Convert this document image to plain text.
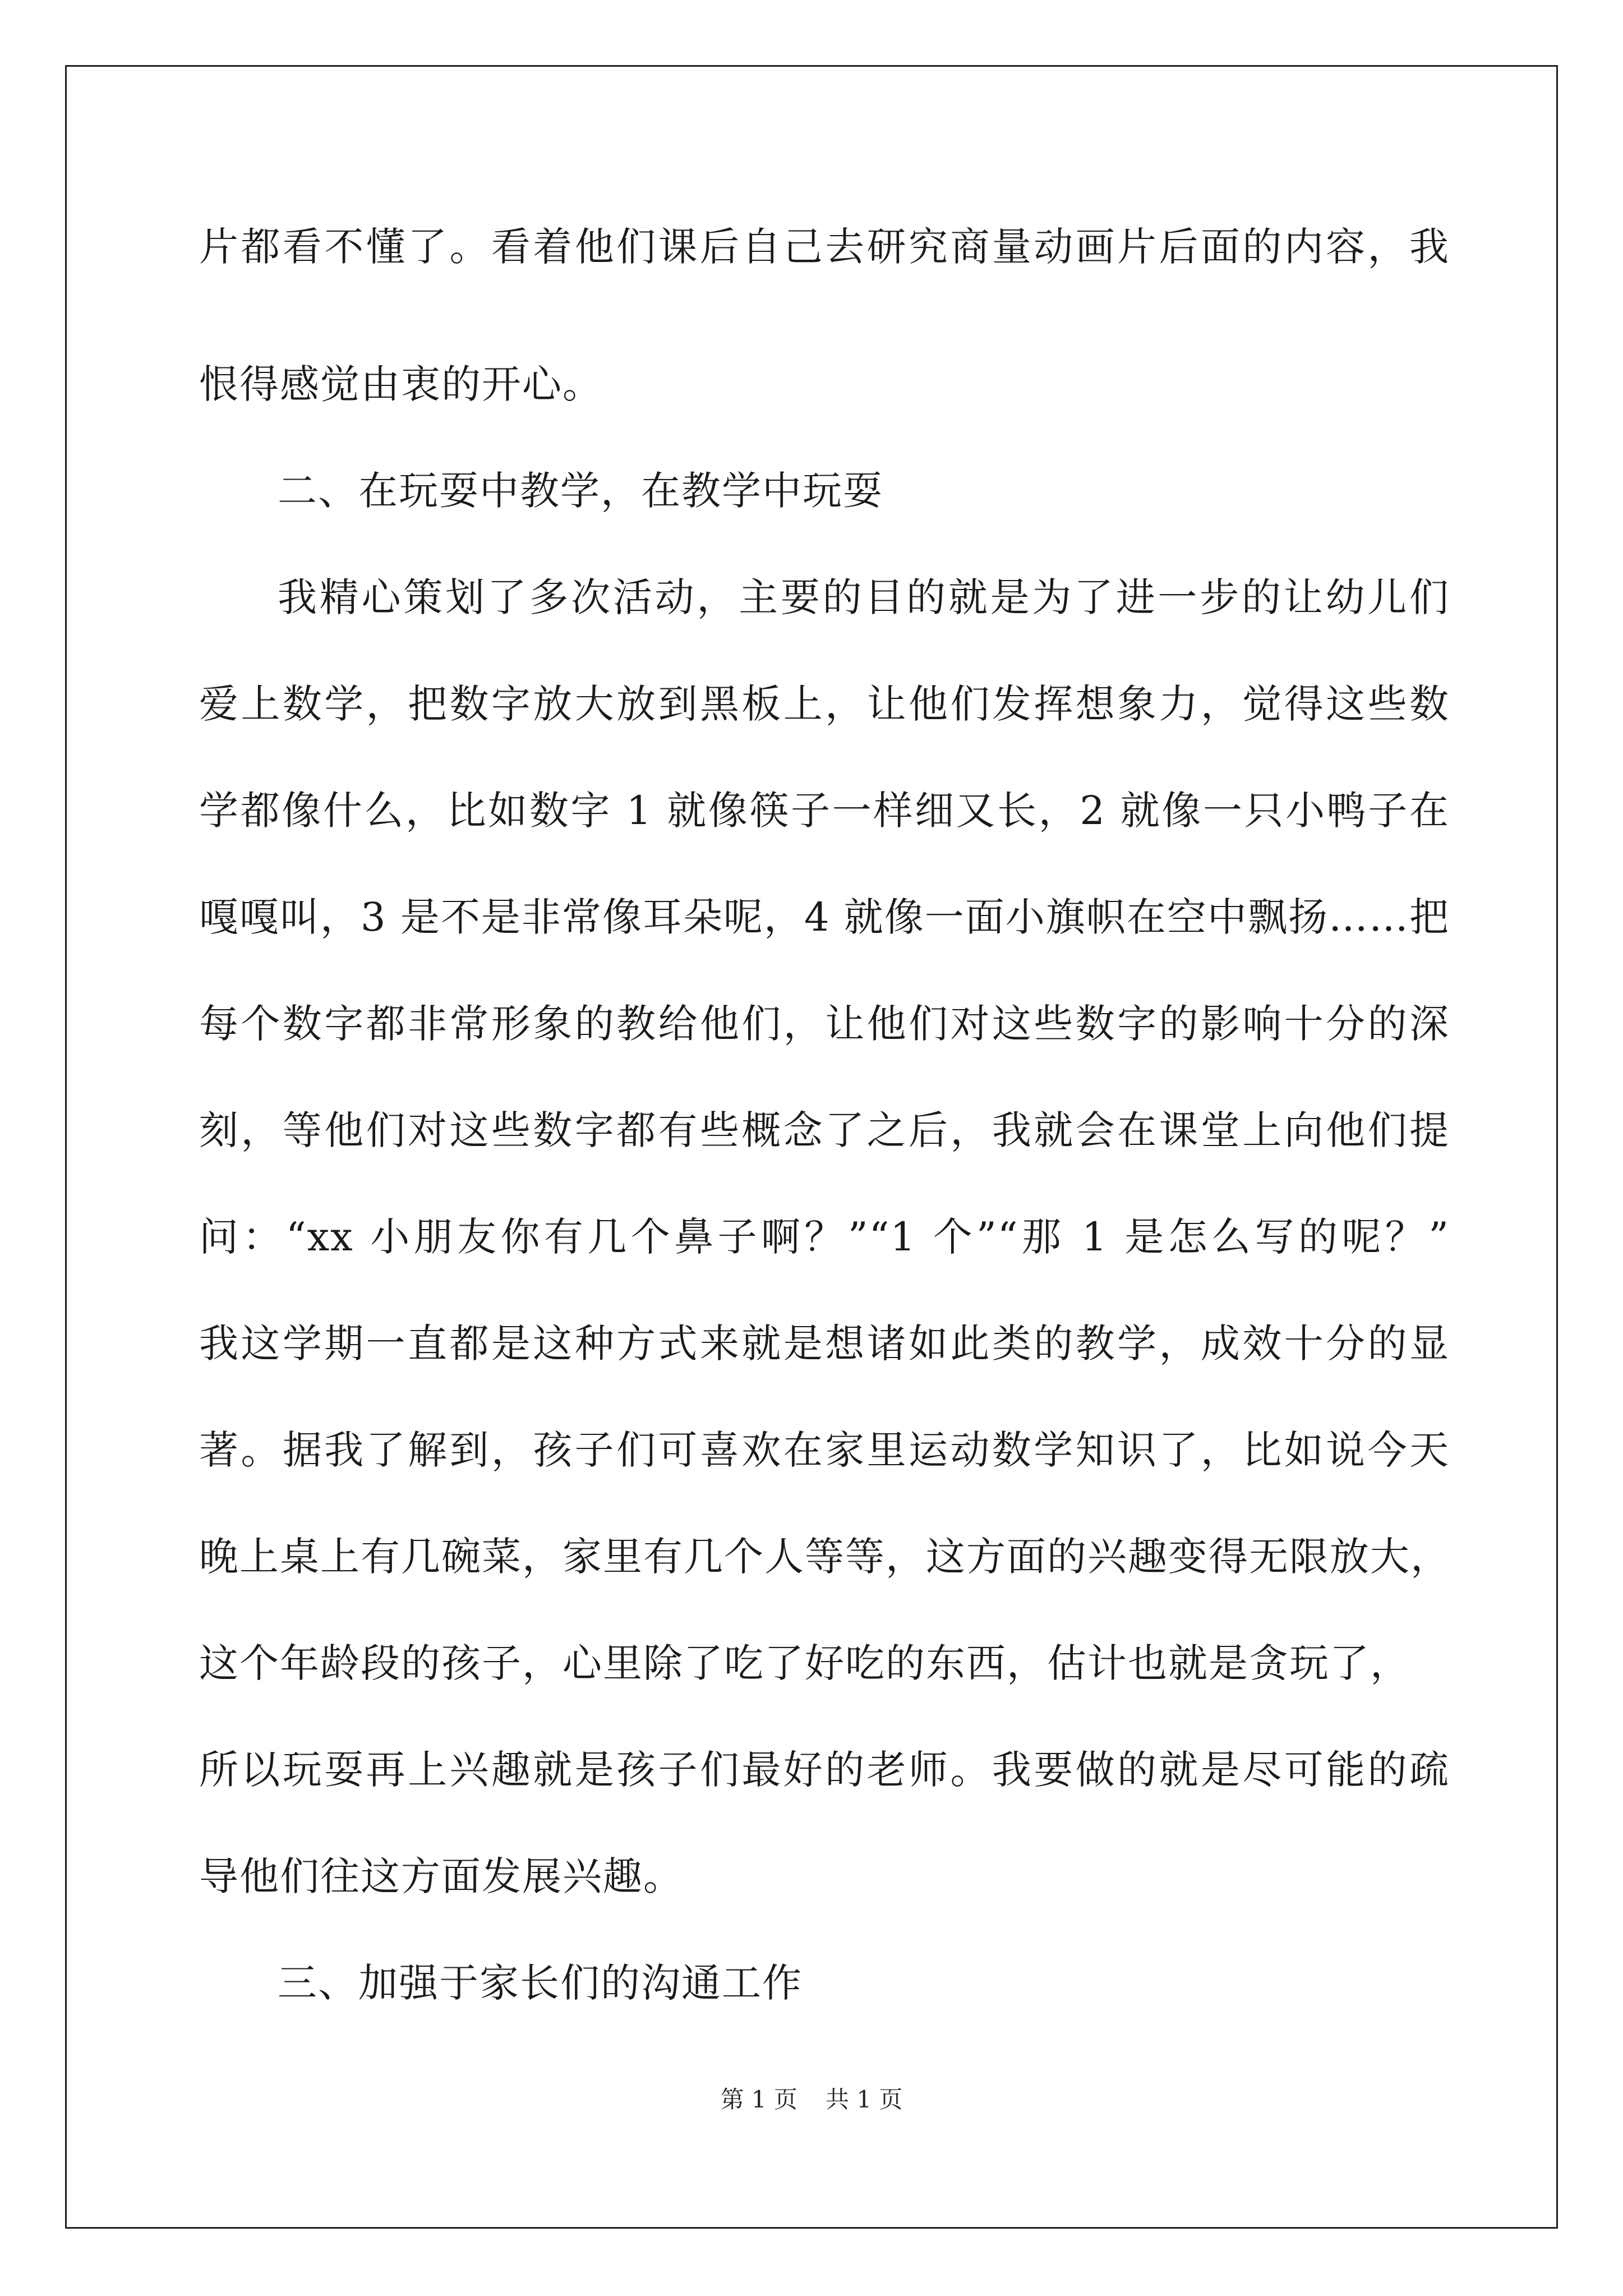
片都看不懂了。看着他们课后自己去研究商量动画片后面的内容，我
恨得感觉由衷的开心。
二、在玩耍中教学，在教学中玩耍
我精心策划了多次活动，主要的目的就是为了进一步的让幼儿们
爱上数学，把数字放大放到黑板上，让他们发挥想象力，觉得这些数
学都像什么，比如数字 1 就像筷子一样细又长，2 就像一只小鸭子在
嘎嘎叫，3 是不是非常像耳朵呢，4 就像一面小旗帜在空中飘扬……把
每个数字都非常形象的教给他们，让他们对这些数字的影响十分的深
刻，等他们对这些数字都有些概念了之后，我就会在课堂上向他们提
问：“xx 小朋友你有几个鼻子啊？”“1 个”“那 1 是怎么写的呢？”
我这学期一直都是这种方式来就是想诸如此类的教学，成效十分的显
著。据我了解到，孩子们可喜欢在家里运动数学知识了，比如说今天
晚上桌上有几碗菜，家里有几个人等等，这方面的兴趣变得无限放大，
这个年龄段的孩子，心里除了吃了好吃的东西，估计也就是贪玩了，
所以玩耍再上兴趣就是孩子们最好的老师。我要做的就是尽可能的疏
导他们往这方面发展兴趣。
三、加强于家长们的沟通工作
第 1 页 共 1 页
